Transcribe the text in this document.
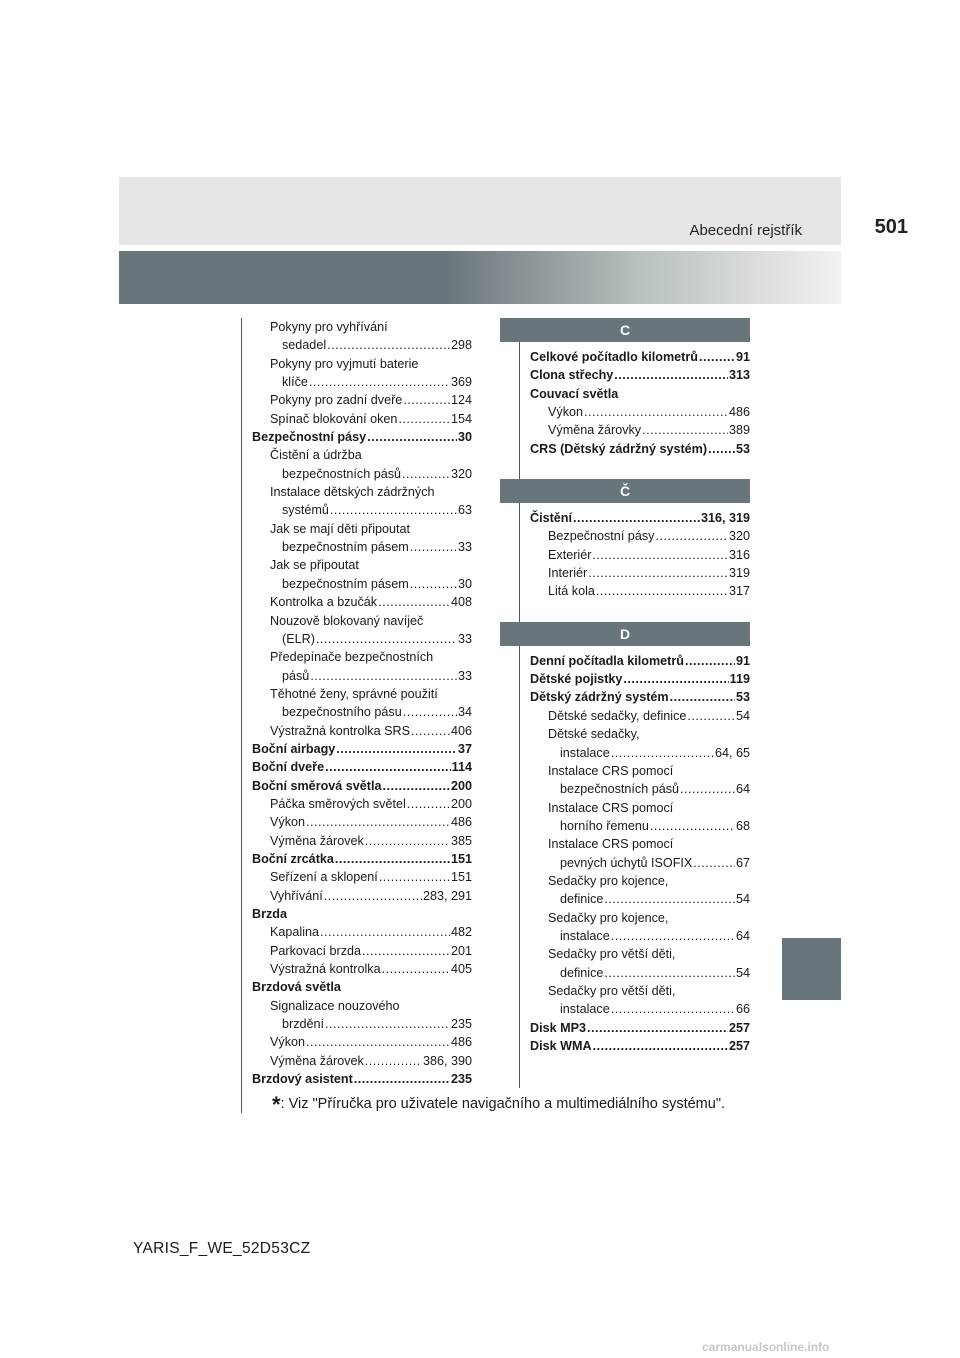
Abecední rejstřík	501
Pokyny pro vyhřívání
sedadel .....	298
Pokyny pro vyjmutí baterie
klíče .....	369
Pokyny pro zadní dveře .....	124
Spínač blokování oken .....	154
Bezpečnostní pásy .....	30
Čistění a údržba
bezpečnostních pásů .....	320
Instalace dětských zádržných
systémů .....	63
Jak se mají děti připoutat
bezpečnostním pásem .....	33
Jak se připoutat
bezpečnostním pásem .....	30
Kontrolka a bzučák .....	408
Nouzově blokovaný navíječ
(ELR) .....	33
Předepínače bezpečnostních
pásů .....	33
Těhotné ženy, správné použití
bezpečnostního pásu .....	34
Výstražná kontrolka SRS .....	406
Boční airbagy .....	37
Boční dveře .....	114
Boční směrová světla .....	200
Páčka směrových světel .....	200
Výkon .....	486
Výměna žárovek .....	385
Boční zrcátka .....	151
Seřízení a sklopení .....	151
Vyhřívání .....	283, 291
Brzda
Kapalina .....	482
Parkovací brzda .....	201
Výstražná kontrolka .....	405
Brzdová světla
Signalizace nouzového
brzdění .....	235
Výkon .....	486
Výměna žárovek .....	386, 390
Brzdový asistent .....	235
C
Celkové počítadlo kilometrů .....	91
Clona střechy .....	313
Couvací světla
Výkon .....	486
Výměna žárovky .....	389
CRS (Dětský zádržný systém) ..... 53
Č
Čistění .....	316, 319
Bezpečnostní pásy .....	320
Exteriér .....	316
Interiér .....	319
Litá kola .....	317
D
Denní počítadla kilometrů .....	91
Dětské pojistky .....	119
Dětský zádržný systém .....	53
Dětské sedačky, definice .....	54
Dětské sedačky,
instalace .....	64, 65
Instalace CRS pomocí
bezpečnostních pásů .....	64
Instalace CRS pomocí
horního řemenu .....	68
Instalace CRS pomocí
pevných úchytů ISOFIX .....	67
Sedačky pro kojence,
definice .....	54
Sedačky pro kojence,
instalace .....	64
Sedačky pro větší děti,
definice .....	54
Sedačky pro větší děti,
instalace .....	66
Disk MP3 .....	257
Disk WMA .....	257
*: Viz "Příručka pro uživatele navigačního a multimediálního systému".
YARIS_F_WE_52D53CZ
carmanualsonline.info
